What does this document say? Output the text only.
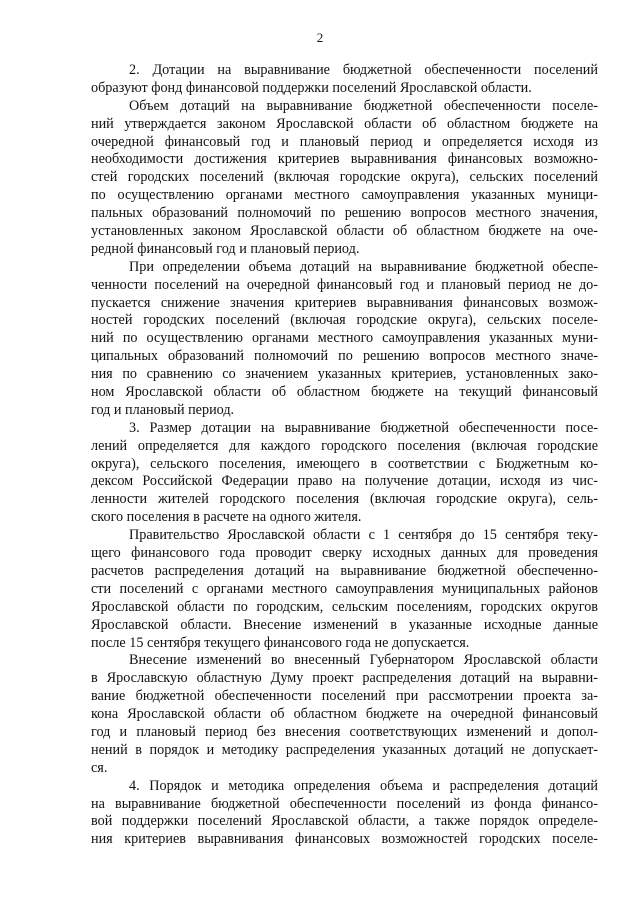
2
2. Дотации на выравнивание бюджетной обеспеченности поселений
образуют фонд финансовой поддержки поселений Ярославской области.
Объем дотаций на выравнивание бюджетной обеспеченности поселе-
ний утверждается законом Ярославской области об областном бюджете на
очередной финансовый год и плановый период и определяется исходя из
необходимости достижения критериев выравнивания финансовых возможно-
стей городских поселений (включая городские округа), сельских поселений
по осуществлению органами местного самоуправления указанных муници-
пальных образований полномочий по решению вопросов местного значения,
установленных законом Ярославской области об областном бюджете на оче-
редной финансовый год и плановый период.
При определении объема дотаций на выравнивание бюджетной обеспе-
ченности поселений на очередной финансовый год и плановый период не до-
пускается снижение значения критериев выравнивания финансовых возмож-
ностей городских поселений (включая городские округа), сельских поселе-
ний по осуществлению органами местного самоуправления указанных муни-
ципальных образований полномочий по решению вопросов местного значе-
ния по сравнению со значением указанных критериев, установленных зако-
ном Ярославской области об областном бюджете на текущий финансовый
год и плановый период.
3. Размер дотации на выравнивание бюджетной обеспеченности посе-
лений определяется для каждого городского поселения (включая городские
округа), сельского поселения, имеющего в соответствии с Бюджетным ко-
дексом Российской Федерации право на получение дотации, исходя из чис-
ленности жителей городского поселения (включая городские округа), сель-
ского поселения в расчете на одного жителя.
Правительство Ярославской области с 1 сентября до 15 сентября теку-
щего финансового года проводит сверку исходных данных для проведения
расчетов распределения дотаций на выравнивание бюджетной обеспеченно-
сти поселений с органами местного самоуправления муниципальных районов
Ярославской области по городским, сельским поселениям, городских округов
Ярославской области. Внесение изменений в указанные исходные данные
после 15 сентября текущего финансового года не допускается.
Внесение изменений во внесенный Губернатором Ярославской области
в Ярославскую областную Думу проект распределения дотаций на выравни-
вание бюджетной обеспеченности поселений при рассмотрении проекта за-
кона Ярославской области об областном бюджете на очередной финансовый
год и плановый период без внесения соответствующих изменений и допол-
нений в порядок и методику распределения указанных дотаций не допускает-
ся.
4. Порядок и методика определения объема и распределения дотаций
на выравнивание бюджетной обеспеченности поселений из фонда финансо-
вой поддержки поселений Ярославской области, а также порядок определе-
ния критериев выравнивания финансовых возможностей городских поселе-
